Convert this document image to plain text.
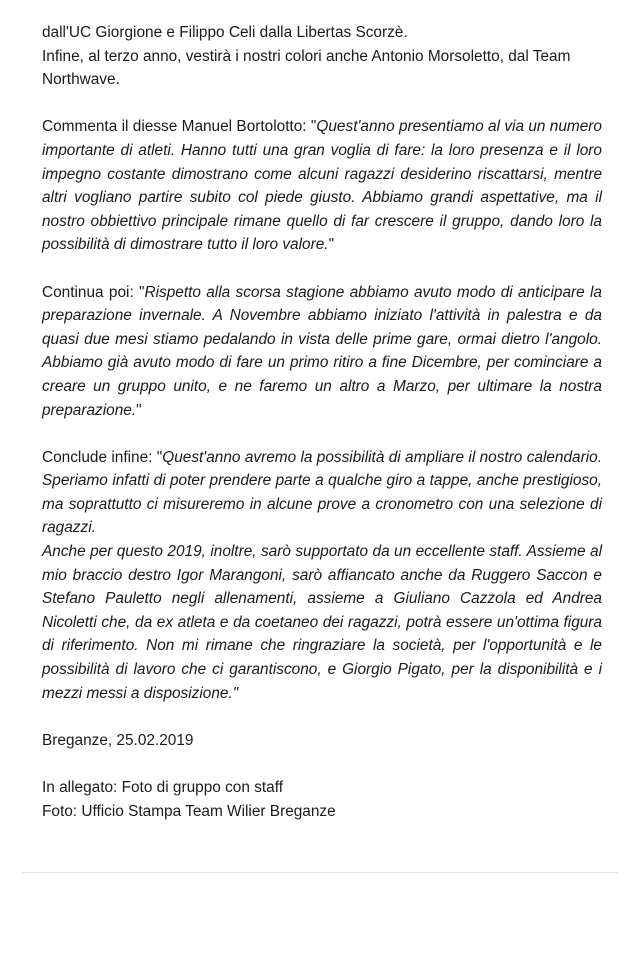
dall'UC Giorgione e Filippo Celi dalla Libertas Scorzè.
Infine, al terzo anno, vestirà i nostri colori anche Antonio Morsoletto, dal Team Northwave.

Commenta il diesse Manuel Bortolotto: "Quest'anno presentiamo al via un numero importante di atleti. Hanno tutti una gran voglia di fare: la loro presenza e il loro impegno costante dimostrano come alcuni ragazzi desiderino riscattarsi, mentre altri vogliano partire subito col piede giusto. Abbiamo grandi aspettative, ma il nostro obbiettivo principale rimane quello di far crescere il gruppo, dando loro la possibilità di dimostrare tutto il loro valore."

Continua poi: "Rispetto alla scorsa stagione abbiamo avuto modo di anticipare la preparazione invernale. A Novembre abbiamo iniziato l'attività in palestra e da quasi due mesi stiamo pedalando in vista delle prime gare, ormai dietro l'angolo. Abbiamo già avuto modo di fare un primo ritiro a fine Dicembre, per cominciare a creare un gruppo unito, e ne faremo un altro a Marzo, per ultimare la nostra preparazione."

Conclude infine: "Quest'anno avremo la possibilità di ampliare il nostro calendario. Speriamo infatti di poter prendere parte a qualche giro a tappe, anche prestigioso, ma soprattutto ci misureremo in alcune prove a cronometro con una selezione di ragazzi.
Anche per questo 2019, inoltre, sarò supportato da un eccellente staff. Assieme al mio braccio destro Igor Marangoni, sarò affiancato anche da Ruggero Saccon e Stefano Pauletto negli allenamenti, assieme a Giuliano Cazzola ed Andrea Nicoletti che, da ex atleta e da coetaneo dei ragazzi, potrà essere un'ottima figura di riferimento. Non mi rimane che ringraziare la società, per l'opportunità e le possibilità di lavoro che ci garantiscono, e Giorgio Pigato, per la disponibilità e i mezzi messi a disposizione."

Breganze, 25.02.2019

In allegato: Foto di gruppo con staff
Foto: Ufficio Stampa Team Wilier Breganze
